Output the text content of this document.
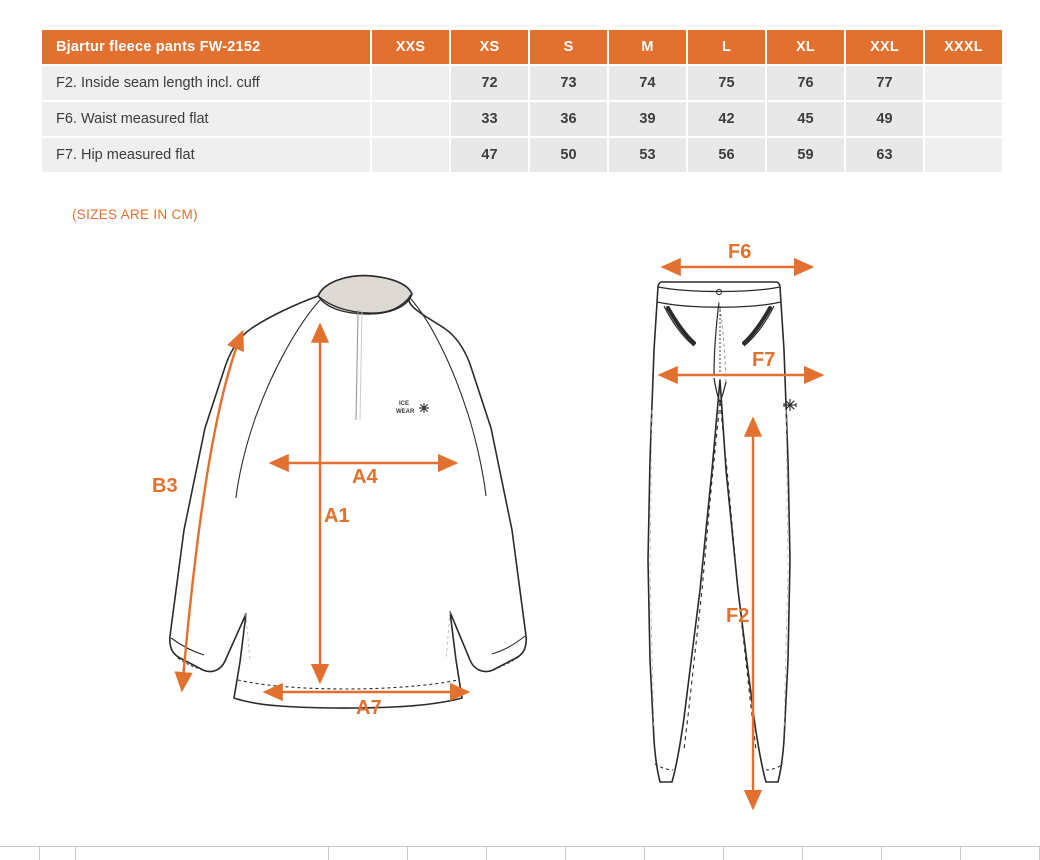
Bjartur fleece pants FW-2152	XXS	XS	S	M	L	XL	XXL	XXXL
F2. Inside seam length incl. cuff		72	73	74	75	76	77	
F6. Waist measured flat		33	36	39	42	45	49	
F7. Hip measured flat		47	50	53	56	59	63	
(SIZES ARE IN CM)
ICE
WEAR
B3	A4
A1
A7
F6
F7
F2
